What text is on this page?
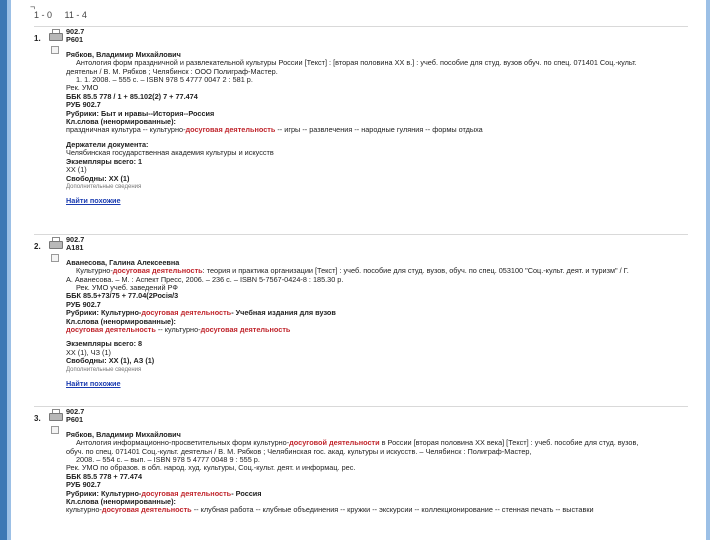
¬
1 - 0 11 - 4
1.
902.7
Р601
Рябков, Владимир Михайлович
Антология форм праздничной и развлекательной культуры России [Текст] : [вторая половина ХХ в.] : учеб. пособие для студ. вузов обуч. по спец. 071401 Соц.-культ.
деятельн / В. М. Рябков ; Челябинск : ООО Полиграф-Мастер.
1. 1. 2008. – 555 с. – ISBN 978 5 4777 0047 2 : 581 р.
Рек. УМО
ББК 85.5 778 / 1 + 85.102(2) 7 + 77.474
РУБ 902.7
Рубрики: Быт и нравы--История--Россия
Кл.слова (ненормированные):
праздничная культура -- культурно-досуговая деятельность -- игры -- развлечения -- народные гуляния -- формы отдыха
Держатели документа:
Челябинская государственная академия культуры и искусств
Экземпляры всего: 1
ХХ (1)
Свободны: ХХ (1)
Дополнительные сведения
Найти похожие
2.
902.7
А181
Аванесова, Галина Алексеевна
Культурно-досуговая деятельность: теория и практика организации [Текст] : учеб. пособие для студ. вузов, обуч. по спец. 053100 "Соц.-культ. деят. и туризм" / Г.
А. Аванесова. – М. : Аспект Пресс, 2006. – 236 с. – ISBN 5-7567-0424-8 : 185.30 р.
Рек. УМО учеб. заведений РФ
ББК 85.5+73/75 + 77.04(2Росія/3
РУБ 902.7
Рубрики: Культурно-досуговая деятельность- Учебная издания для вузов
Кл.слова (ненормированные):
досуговая деятельность -- культурно-досуговая деятельность
Экземпляры всего: 8
ХХ (1), ЧЗ (1)
Свободны: ХХ (1), АЗ (1)
Дополнительные сведения
Найти похожие
3.
902.7
Р601
Рябков, Владимир Михайлович
Антология информационно-просветительных форм культурно-досуговой деятельности в России [вторая половина ХХ века] [Текст] : учеб. пособие для студ. вузов,
обуч. по спец. 071401 Соц.-культ. деятельн / В. М. Рябков ; Челябинская гос. акад. культуры и искусств. – Челябинск : Полиграф-Мастер,
2008. – 554 с. – вып. – ISBN 978 5 4777 0048 9 : 555 р.
Рек. УМО по образов. в обл. народ. худ. культуры, Соц.-культ. деят. и информац. рес.
ББК 85.5 778 + 77.474
РУБ 902.7
Рубрики: Культурно-досуговая деятельность- Россия
Кл.слова (ненормированные):
культурно-досуговая деятельность -- клубная работа -- клубные объединения -- кружки -- экскурсии -- коллекционирование -- стенная печать -- выставки
